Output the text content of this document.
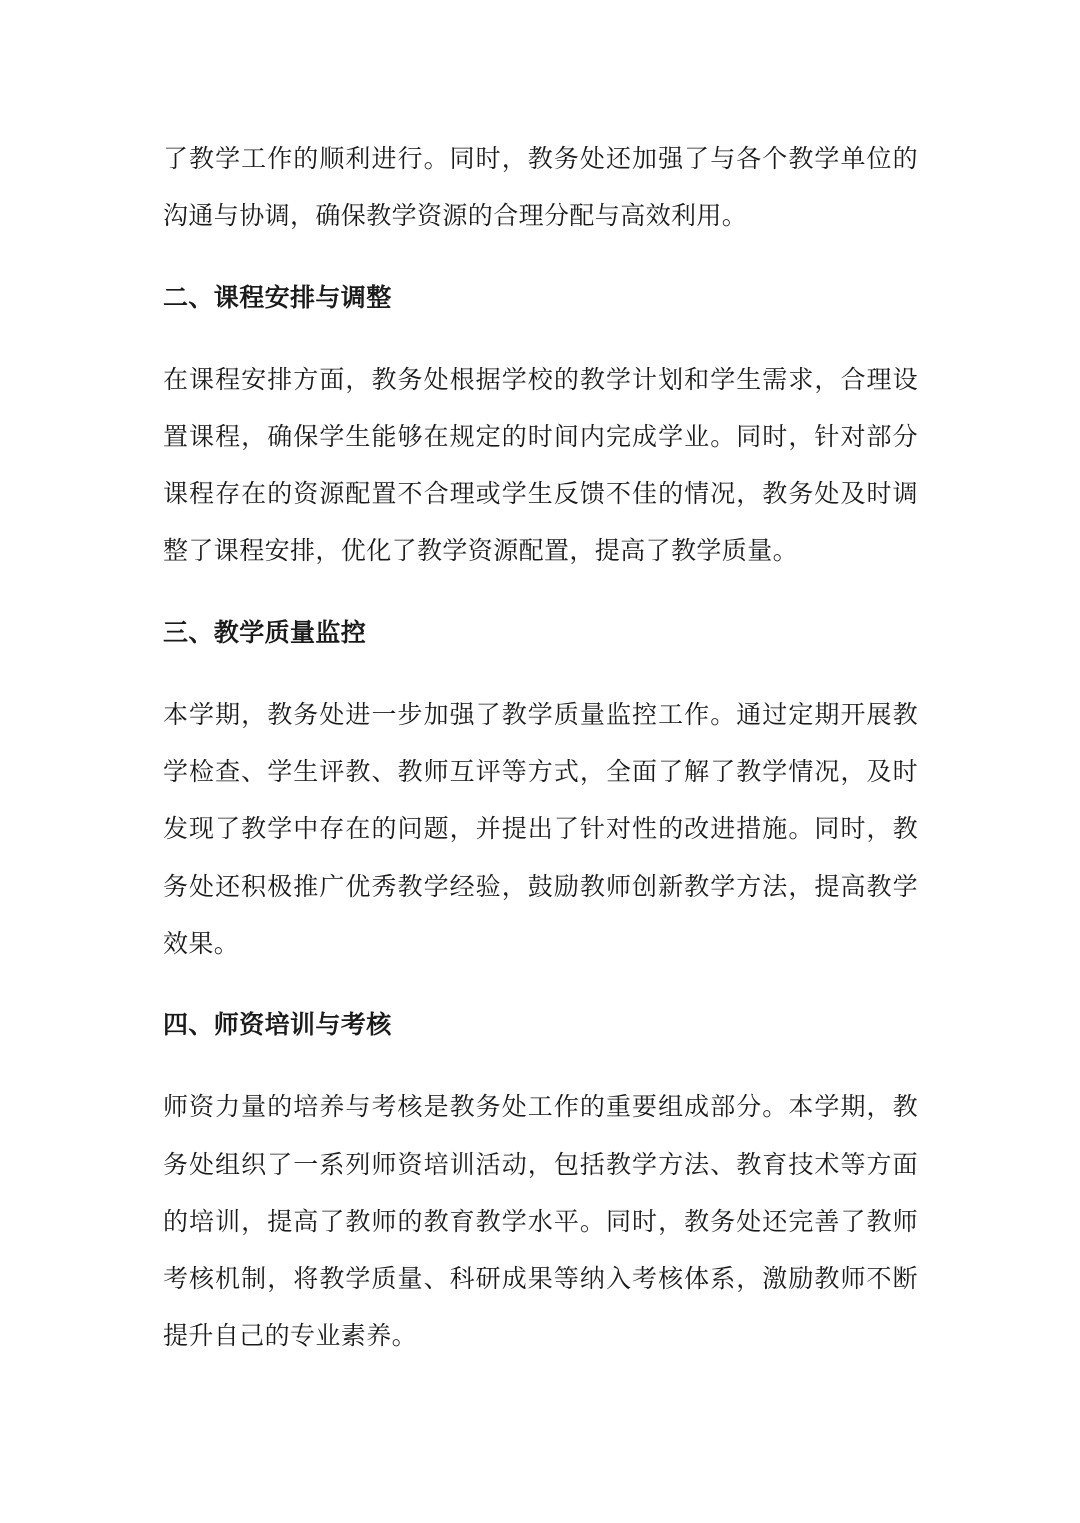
了教学工作的顺利进行。同时，教务处还加强了与各个教学单位的沟通与协调，确保教学资源的合理分配与高效利用。

二、课程安排与调整

在课程安排方面，教务处根据学校的教学计划和学生需求，合理设置课程，确保学生能够在规定的时间内完成学业。同时，针对部分课程存在的资源配置不合理或学生反馈不佳的情况，教务处及时调整了课程安排，优化了教学资源配置，提高了教学质量。

三、教学质量监控

本学期，教务处进一步加强了教学质量监控工作。通过定期开展教学检查、学生评教、教师互评等方式，全面了解了教学情况，及时发现了教学中存在的问题，并提出了针对性的改进措施。同时，教务处还积极推广优秀教学经验，鼓励教师创新教学方法，提高教学效果。

四、师资培训与考核

师资力量的培养与考核是教务处工作的重要组成部分。本学期，教务处组织了一系列师资培训活动，包括教学方法、教育技术等方面的培训，提高了教师的教育教学水平。同时，教务处还完善了教师考核机制，将教学质量、科研成果等纳入考核体系，激励教师不断提升自己的专业素养。
